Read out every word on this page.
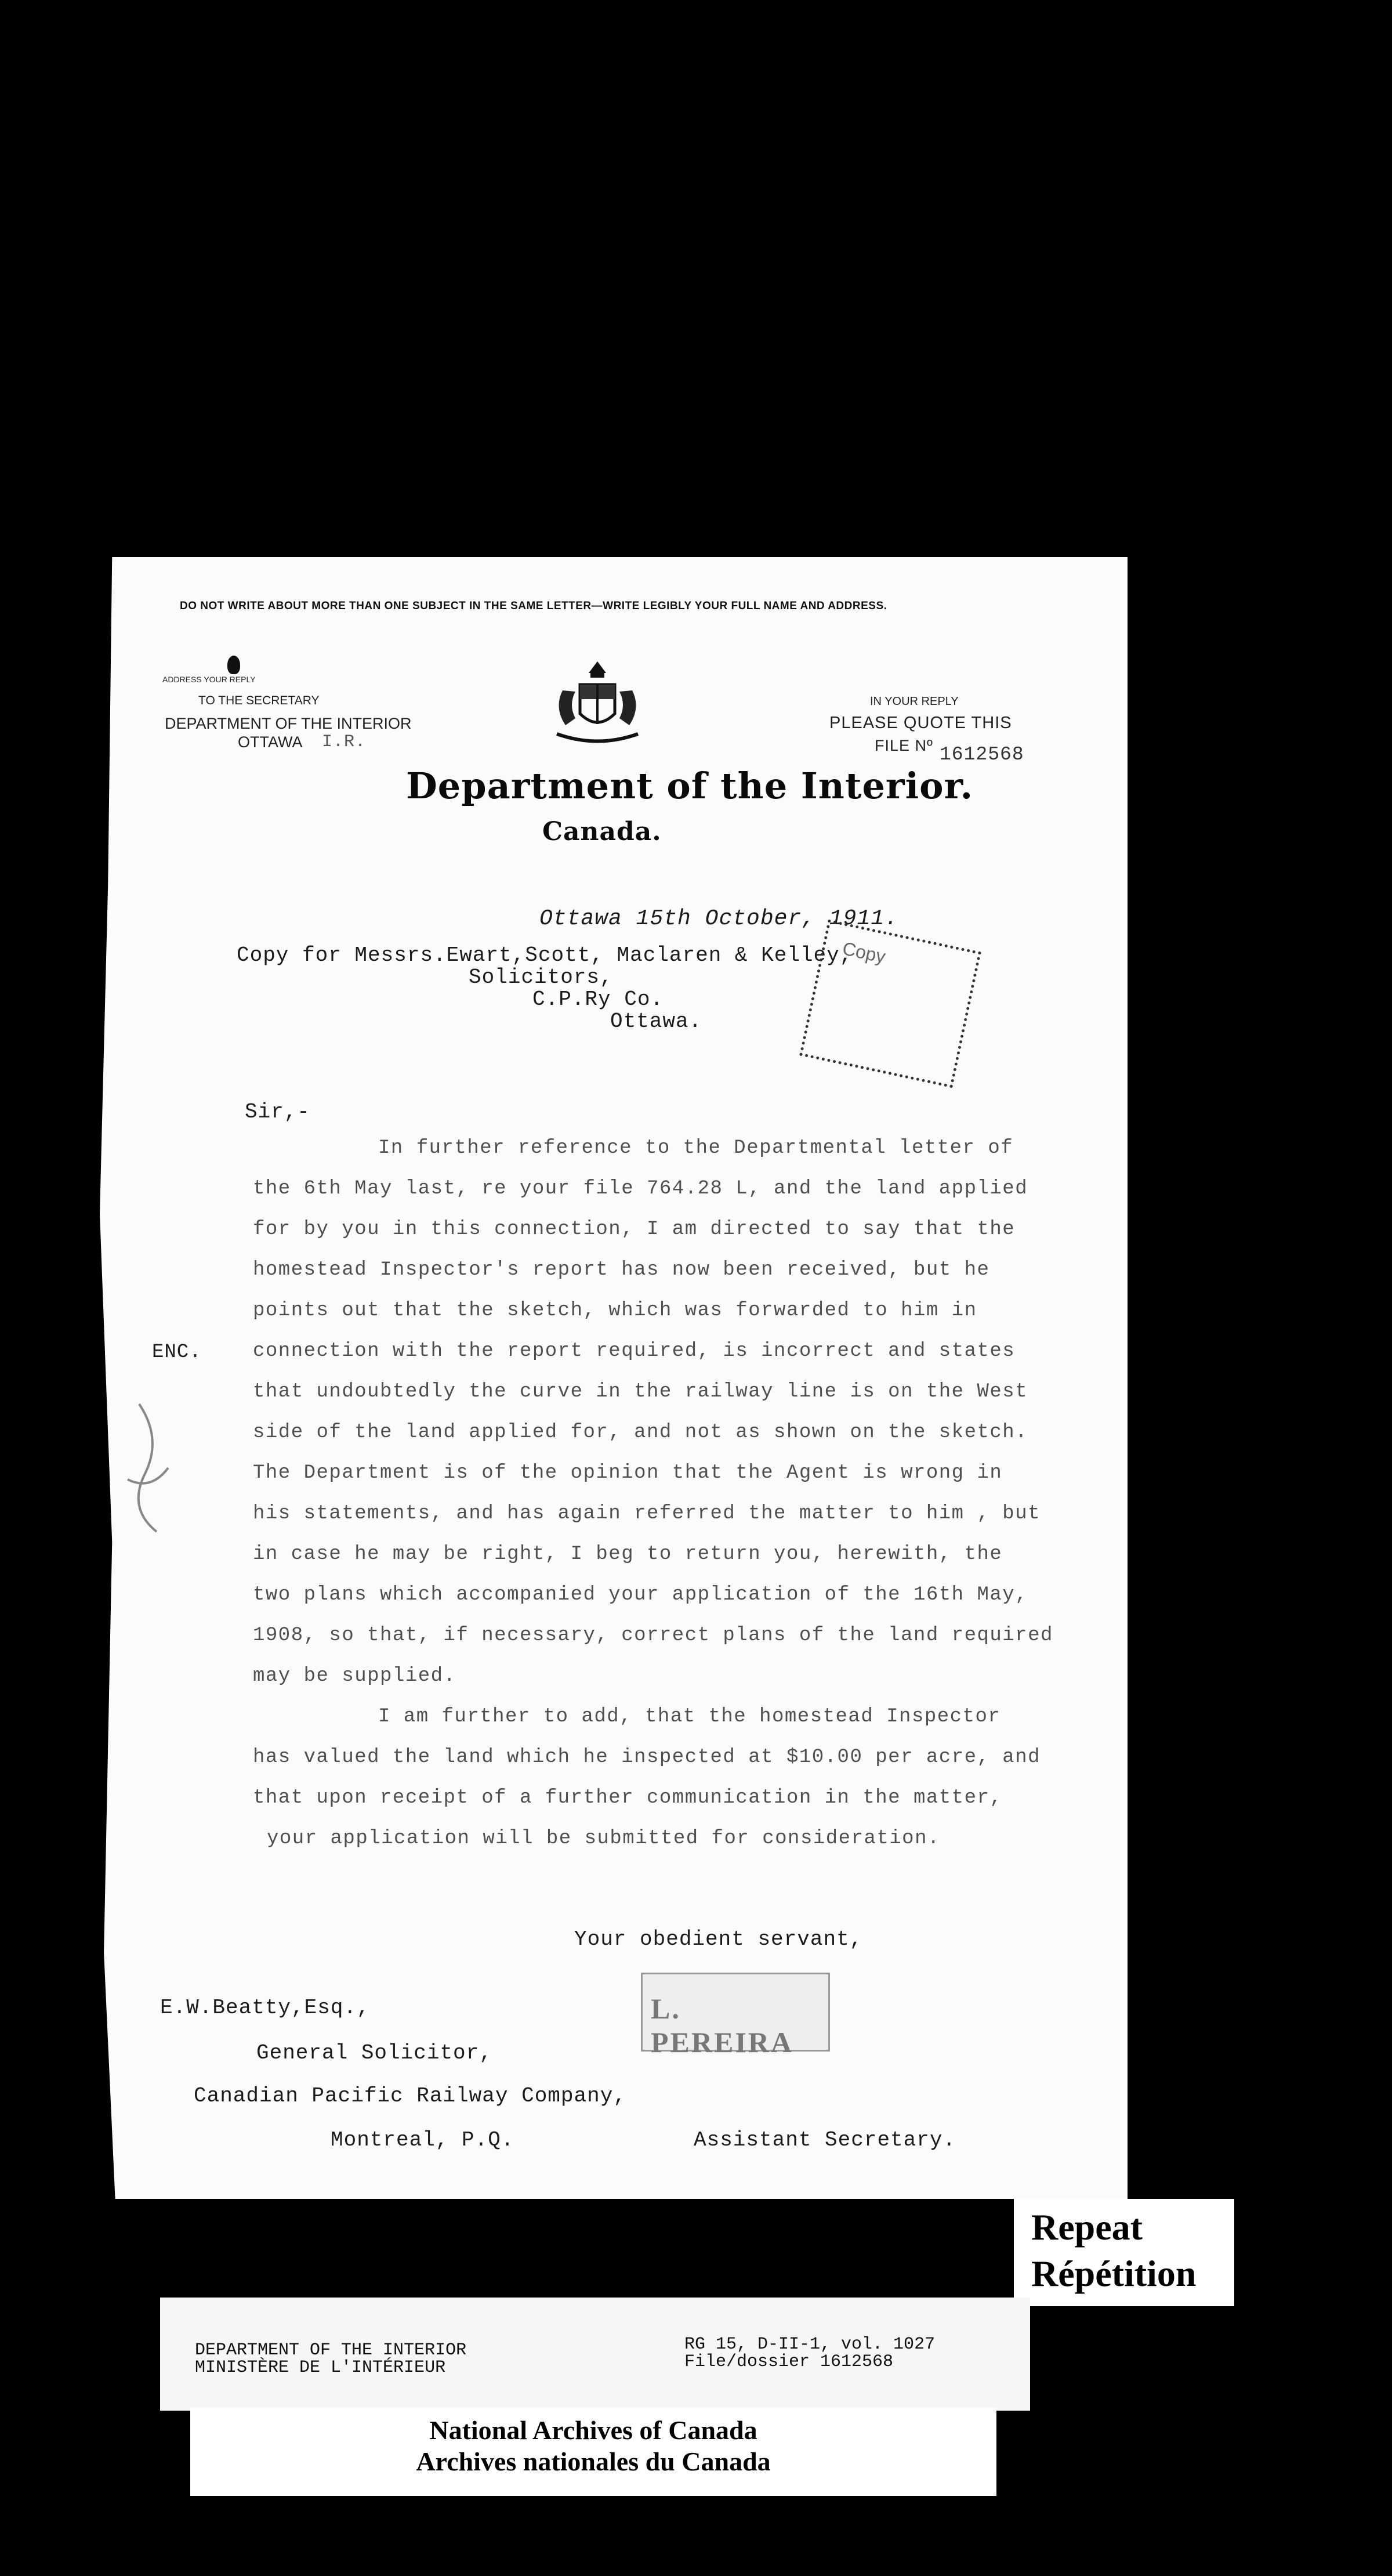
DO NOT WRITE ABOUT MORE THAN ONE SUBJECT IN THE SAME LETTER—WRITE LEGIBLY YOUR FULL NAME AND ADDRESS.
ADDRESS YOUR REPLY
TO THE SECRETARY
DEPARTMENT OF THE INTERIOR
OTTAWA I.R.
IN YOUR REPLY
PLEASE QUOTE THIS
FILE Nº 1612568
Department of the Interior.
Canada.
Ottawa 15th October, 1911.
Copy for Messrs.Ewart,Scott, Maclaren & Kelley,
Solicitors,
C.P.Ry Co.
Ottawa.
Copy
Sir,-
ENC.
In further reference to the Departmental letter of
the 6th May last, re your file 764.28 L, and the land applied
for by you in this connection, I am directed to say that the
homestead Inspector's report has now been received, but he
points out that the sketch, which was forwarded to him in
connection with the report required, is incorrect and states
that undoubtedly the curve in the railway line is on the West
side of the land applied for, and not as shown on the sketch.
The Department is of the opinion that the Agent is wrong in
his statements, and has again referred the matter to him , but
in case he may be right, I beg to return you, herewith, the
two plans which accompanied your application of the 16th May,
1908, so that, if necessary, correct plans of the land required
may be supplied.
I am further to add, that the homestead Inspector
has valued the land which he inspected at $10.00 per acre, and
that upon receipt of a further communication in the matter,
your application will be submitted for consideration.
Your obedient servant,
L. PEREIRA
E.W.Beatty,Esq.,
General Solicitor,
Canadian Pacific Railway Company,
Montreal, P.Q.	Assistant Secretary.
Repeat
Répétition
DEPARTMENT OF THE INTERIOR
MINISTÈRE DE L'INTÉRIEUR
RG 15, D-II-1, vol. 1027
File/dossier 1612568
National Archives of Canada
Archives nationales du Canada
